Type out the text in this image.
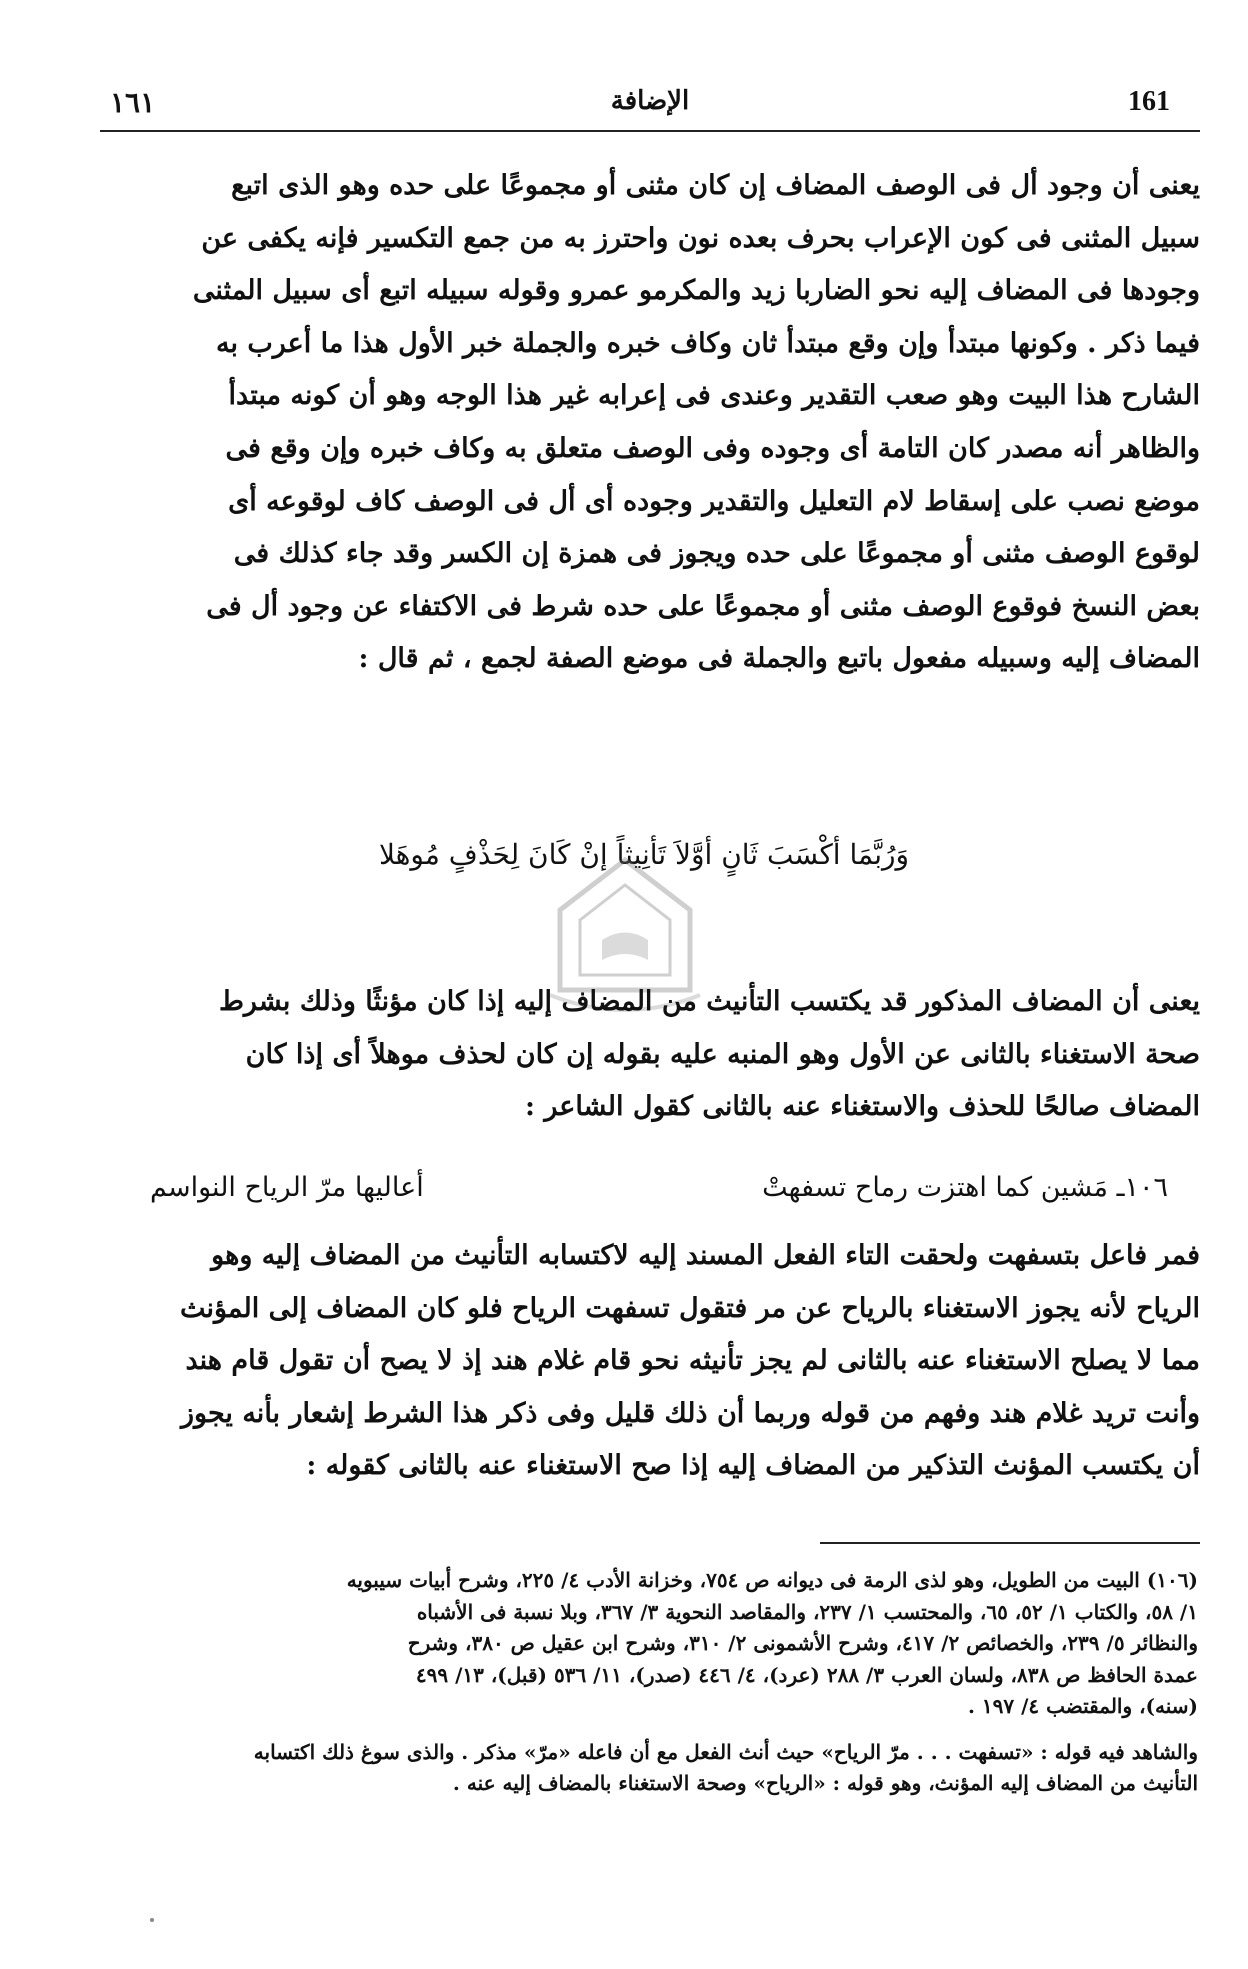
161
الإضافة
١٦١
يعنى أن وجود أل فى الوصف المضاف إن كان مثنى أو مجموعًا على حده وهو الذى اتبع
سبيل المثنى فى كون الإعراب بحرف بعده نون واحترز به من جمع التكسير فإنه يكفى عن
وجودها فى المضاف إليه نحو الضاربا زيد والمكرمو عمرو وقوله سبيله اتبع أى سبيل المثنى
فيما ذكر . وكونها مبتدأ وإن وقع مبتدأ ثان وكاف خبره والجملة خبر الأول هذا ما أعرب به
الشارح هذا البيت وهو صعب التقدير وعندى فى إعرابه غير هذا الوجه وهو أن كونه مبتدأ
والظاهر أنه مصدر كان التامة أى وجوده وفى الوصف متعلق به وكاف خبره وإن وقع فى
موضع نصب على إسقاط لام التعليل والتقدير وجوده أى أل فى الوصف كاف لوقوعه أى
لوقوع الوصف مثنى أو مجموعًا على حده ويجوز فى همزة إن الكسر وقد جاء كذلك فى
بعض النسخ فوقوع الوصف مثنى أو مجموعًا على حده شرط فى الاكتفاء عن وجود أل فى
المضاف إليه وسبيله مفعول باتبع والجملة فى موضع الصفة لجمع ، ثم قال :
وَرُبَّمَا أكْسَبَ ثَانٍ أوَّلاَ تَأنِيثاً إنْ كَانَ لِحَذْفٍ مُوهَلا
يعنى أن المضاف المذكور قد يكتسب التأنيث من المضاف إليه إذا كان مؤنثًا وذلك بشرط
صحة الاستغناء بالثانى عن الأول وهو المنبه عليه بقوله إن كان لحذف موهلاً أى إذا كان
المضاف صالحًا للحذف والاستغناء عنه بالثانى كقول الشاعر :
١٠٦ـ مَشين كما اهتزت رماح تسفهتْ
أعاليها مرّ الرياح النواسم
فمر فاعل بتسفهت ولحقت التاء الفعل المسند إليه لاكتسابه التأنيث من المضاف إليه وهو
الرياح لأنه يجوز الاستغناء بالرياح عن مر فتقول تسفهت الرياح فلو كان المضاف إلى المؤنث
مما لا يصلح الاستغناء عنه بالثانى لم يجز تأنيثه نحو قام غلام هند إذ لا يصح أن تقول قام هند
وأنت تريد غلام هند وفهم من قوله وربما أن ذلك قليل وفى ذكر هذا الشرط إشعار بأنه يجوز
أن يكتسب المؤنث التذكير من المضاف إليه إذا صح الاستغناء عنه بالثانى كقوله :
(١٠٦) البيت من الطويل، وهو لذى الرمة فى ديوانه ص ٧٥٤، وخزانة الأدب ٤/ ٢٢٥، وشرح أبيات سيبويه
١/ ٥٨، والكتاب ١/ ٥٢، ٦٥، والمحتسب ١/ ٢٣٧، والمقاصد النحوية ٣/ ٣٦٧، وبلا نسبة فى الأشباه
والنظائر ٥/ ٢٣٩، والخصائص ٢/ ٤١٧، وشرح الأشمونى ٢/ ٣١٠، وشرح ابن عقيل ص ٣٨٠، وشرح
عمدة الحافظ ص ٨٣٨، ولسان العرب ٣/ ٢٨٨ (عرد)، ٤/ ٤٤٦ (صدر)، ١١/ ٥٣٦ (قبل)، ١٣/ ٤٩٩
(سنه)، والمقتضب ٤/ ١٩٧ .
والشاهد فيه قوله : «تسفهت . . . مرّ الرياح» حيث أنث الفعل مع أن فاعله «مرّ» مذكر . والذى سوغ ذلك اكتسابه
التأنيث من المضاف إليه المؤنث، وهو قوله : «الرياح» وصحة الاستغناء بالمضاف إليه عنه .
